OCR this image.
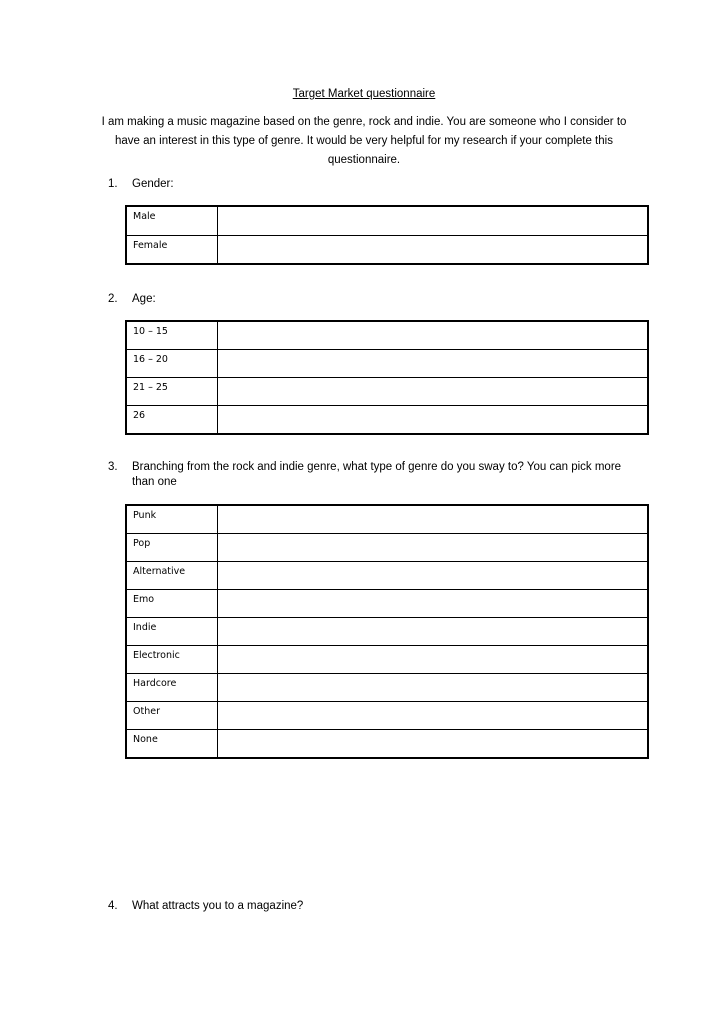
Target Market questionnaire
I am making a music magazine based on the genre, rock and indie. You are someone who I consider to have an interest in this type of genre. It would be very helpful for my research if your complete this questionnaire.
1. Gender:
Male	
Female	
2. Age:
10 – 15	
16 – 20	
21 – 25	
26	
3. Branching from the rock and indie genre, what type of genre do you sway to? You can pick more than one
Punk	
Pop	
Alternative	
Emo	
Indie	
Electronic	
Hardcore	
Other	
None	
4. What attracts you to a magazine?
